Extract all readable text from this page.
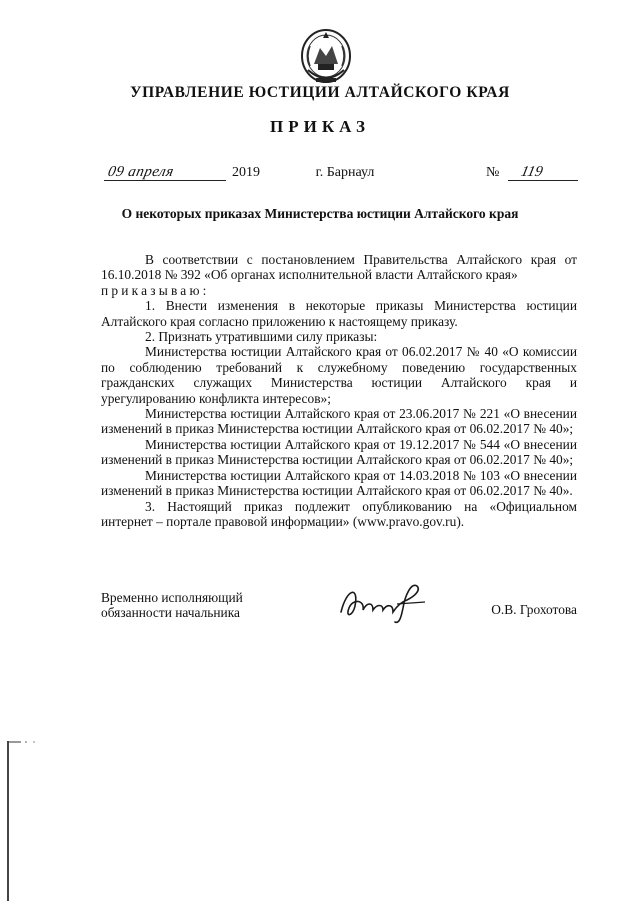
УПРАВЛЕНИЕ ЮСТИЦИИ АЛТАЙСКОГО КРАЯ
ПРИКАЗ
09 апреля	2019	г. Барнаул	№ 119
О некоторых приказах Министерства юстиции Алтайского края

В соответствии с постановлением Правительства Алтайского края от 16.10.2018 № 392 «Об органах исполнительной власти Алтайского края»

приказываю:

1. Внести изменения в некоторые приказы Министерства юстиции Алтайского края согласно приложению к настоящему приказу.

2. Признать утратившими силу приказы:

Министерства юстиции Алтайского края от 06.02.2017 № 40 «О комиссии по соблюдению требований к служебному поведению государственных гражданских служащих Министерства юстиции Алтайского края и урегулированию конфликта интересов»;

Министерства юстиции Алтайского края от 23.06.2017 № 221 «О внесении изменений в приказ Министерства юстиции Алтайского края от 06.02.2017 № 40»;

Министерства юстиции Алтайского края от 19.12.2017 № 544 «О внесении изменений в приказ Министерства юстиции Алтайского края от 06.02.2017 № 40»;

Министерства юстиции Алтайского края от 14.03.2018 № 103 «О внесении изменений в приказ Министерства юстиции Алтайского края от 06.02.2017 № 40».

3. Настоящий приказ подлежит опубликованию на «Официальном интернет – портале правовой информации» (www.pravo.gov.ru).

Временно исполняющий обязанности начальника	О.В. Грохотова
